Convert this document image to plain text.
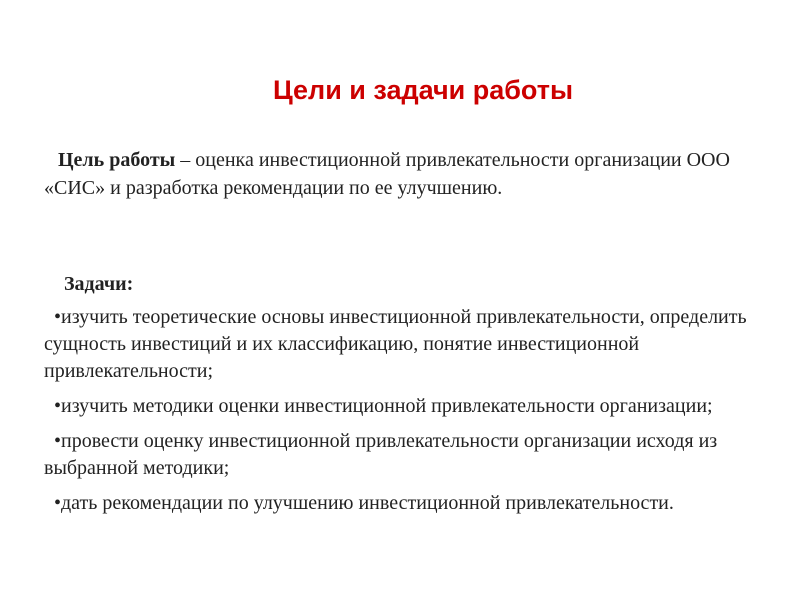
Цели и задачи работы

Цель работы – оценка инвестиционной привлекательности организации ООО «СИС» и разработка рекомендации по ее улучшению.

Задачи:

•изучить теоретические основы инвестиционной привлекательности, определить сущность инвестиций и их классификацию, понятие инвестиционной привлекательности;
•изучить методики оценки инвестиционной привлекательности организации;
•провести оценку инвестиционной привлекательности организации исходя из выбранной методики;
•дать рекомендации по улучшению инвестиционной привлекательности.
